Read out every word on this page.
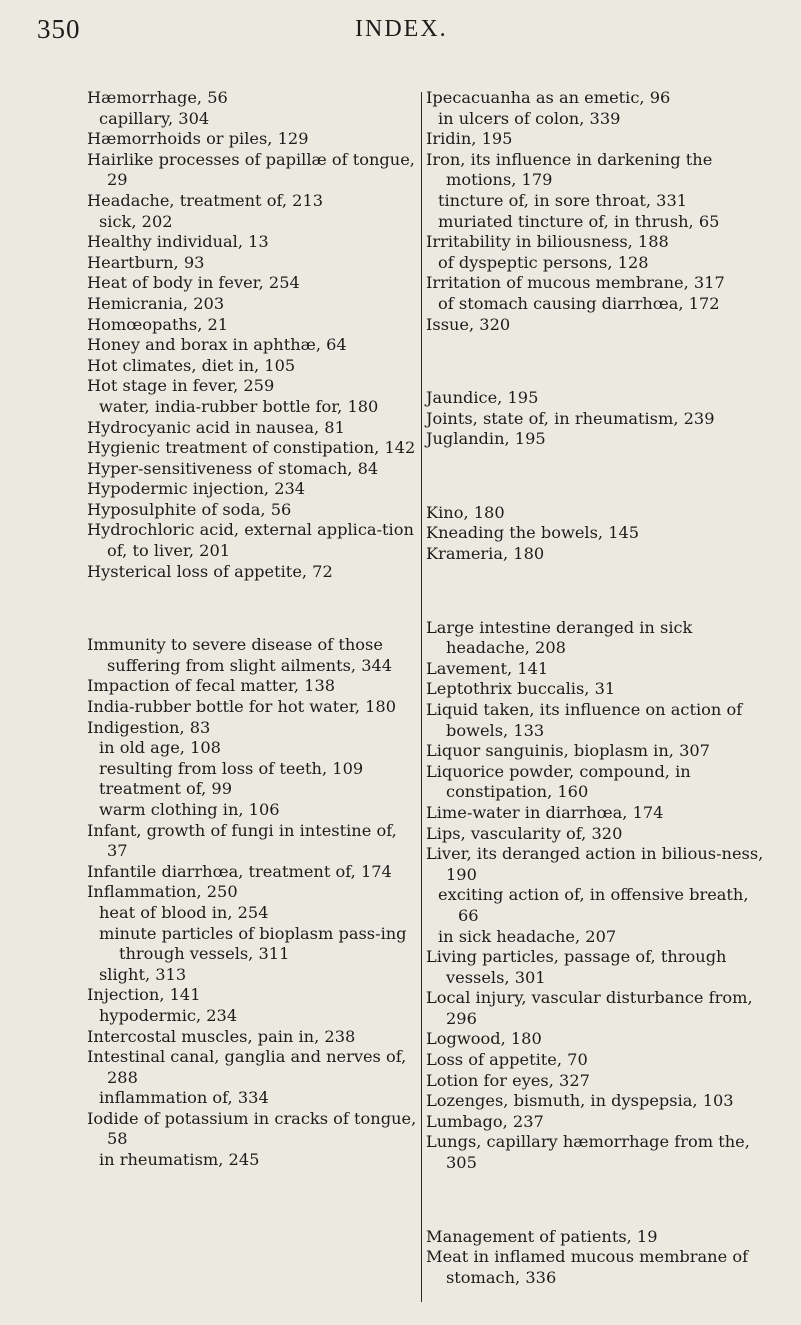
350	INDEX.

Hæmorrhage, 56

capillary, 304

Hæmorrhoids or piles, 129

Hairlike processes of papillæ of tongue, 29

Headache, treatment of, 213

sick, 202

Healthy individual, 13

Heartburn, 93

Heat of body in fever, 254

Hemicrania, 203

Homœopaths, 21

Honey and borax in aphthæ, 64

Hot climates, diet in, 105

Hot stage in fever, 259

water, india-rubber bottle for, 180

Hydrocyanic acid in nausea, 81

Hygienic treatment of constipation, 142

Hyper-sensitiveness of stomach, 84

Hypodermic injection, 234

Hyposulphite of soda, 56

Hydrochloric acid, external applica-tion of, to liver, 201

Hysterical loss of appetite, 72

Immunity to severe disease of those suffering from slight ailments, 344

Impaction of fecal matter, 138

India-rubber bottle for hot water, 180

Indigestion, 83

in old age, 108

resulting from loss of teeth, 109

treatment of, 99

warm clothing in, 106

Infant, growth of fungi in intestine of, 37

Infantile diarrhœa, treatment of, 174

Inflammation, 250

heat of blood in, 254

minute particles of bioplasm pass-ing through vessels, 311

slight, 313

Injection, 141

hypodermic, 234

Intercostal muscles, pain in, 238

Intestinal canal, ganglia and nerves of, 288

inflammation of, 334

Iodide of potassium in cracks of tongue, 58

in rheumatism, 245

Ipecacuanha as an emetic, 96

in ulcers of colon, 339

Iridin, 195

Iron, its influence in darkening the motions, 179

tincture of, in sore throat, 331

muriated tincture of, in thrush, 65

Irritability in biliousness, 188

of dyspeptic persons, 128

Irritation of mucous membrane, 317

of stomach causing diarrhœa, 172

Issue, 320

Jaundice, 195

Joints, state of, in rheumatism, 239

Juglandin, 195

Kino, 180

Kneading the bowels, 145

Krameria, 180

Large intestine deranged in sick headache, 208

Lavement, 141

Leptothrix buccalis, 31

Liquid taken, its influence on action of bowels, 133

Liquor sanguinis, bioplasm in, 307

Liquorice powder, compound, in constipation, 160

Lime-water in diarrhœa, 174

Lips, vascularity of, 320

Liver, its deranged action in bilious-ness, 190

exciting action of, in offensive breath, 66

in sick headache, 207

Living particles, passage of, through vessels, 301

Local injury, vascular disturbance from, 296

Logwood, 180

Loss of appetite, 70

Lotion for eyes, 327

Lozenges, bismuth, in dyspepsia, 103

Lumbago, 237

Lungs, capillary hæmorrhage from the, 305

Management of patients, 19

Meat in inflamed mucous membrane of stomach, 336
